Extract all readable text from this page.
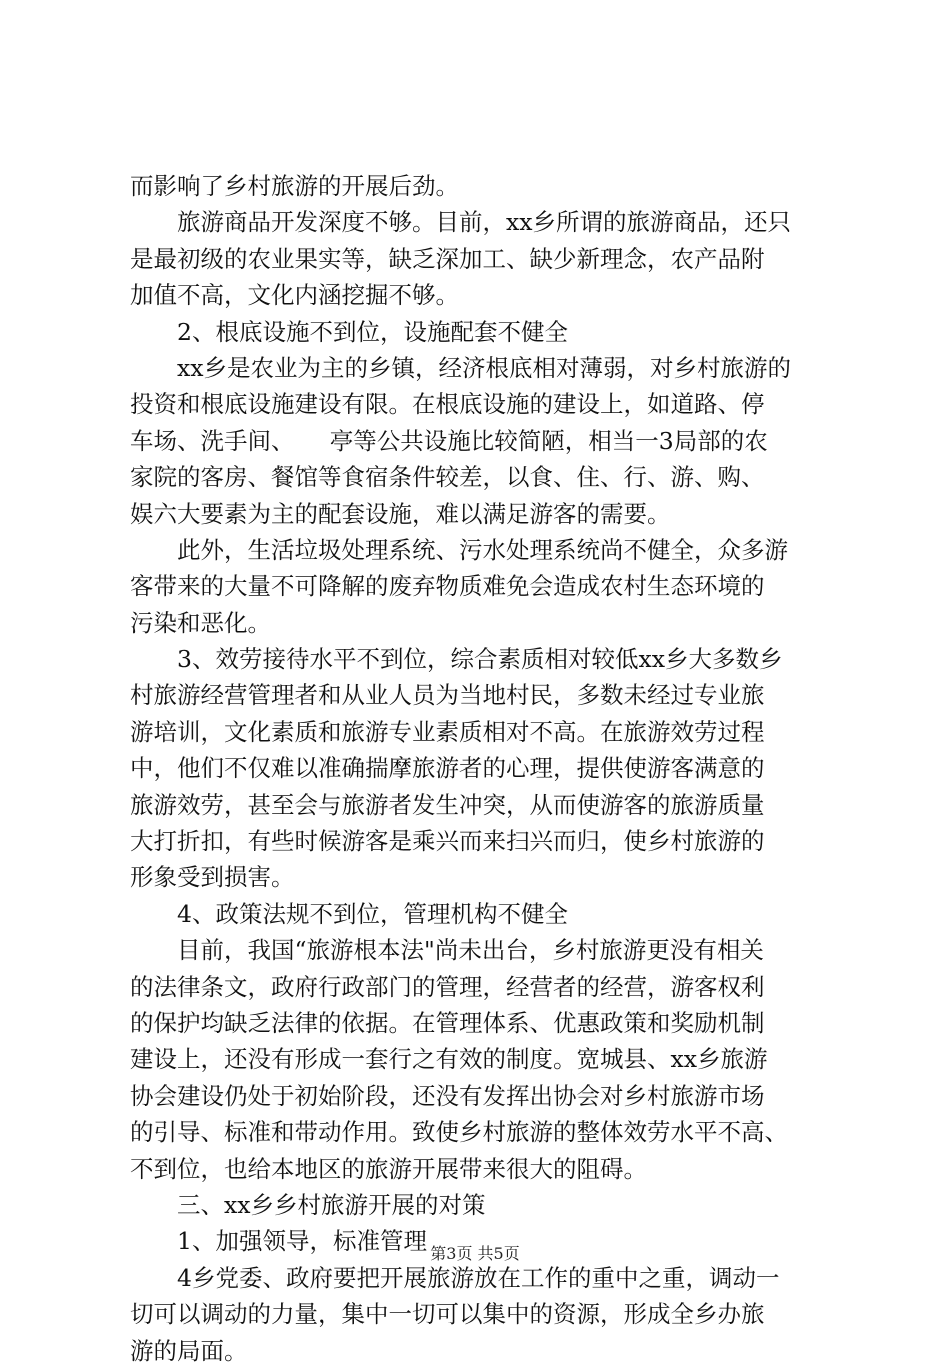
而影响了乡村旅游的开展后劲。
　　旅游商品开发深度不够。目前，xx乡所谓的旅游商品，还只
是最初级的农业果实等，缺乏深加工、缺少新理念，农产品附
加值不高，文化内涵挖掘不够。
　　2、根底设施不到位，设施配套不健全
　　xx乡是农业为主的乡镇，经济根底相对薄弱，对乡村旅游的
投资和根底设施建设有限。在根底设施的建设上，如道路、停
车场、洗手间、　　亭等公共设施比较简陋，相当一3局部的农
家院的客房、餐馆等食宿条件较差，以食、住、行、游、购、
娱六大要素为主的配套设施，难以满足游客的需要。
　　此外，生活垃圾处理系统、污水处理系统尚不健全，众多游
客带来的大量不可降解的废弃物质难免会造成农村生态环境的
污染和恶化。
　　3、效劳接待水平不到位，综合素质相对较低xx乡大多数乡
村旅游经营管理者和从业人员为当地村民，多数未经过专业旅
游培训，文化素质和旅游专业素质相对不高。在旅游效劳过程
中，他们不仅难以准确揣摩旅游者的心理，提供使游客满意的
旅游效劳，甚至会与旅游者发生冲突，从而使游客的旅游质量
大打折扣，有些时候游客是乘兴而来扫兴而归，使乡村旅游的
形象受到损害。
　　4、政策法规不到位，管理机构不健全
　　目前，我国“旅游根本法"尚未出台，乡村旅游更没有相关
的法律条文，政府行政部门的管理，经营者的经营，游客权利
的保护均缺乏法律的依据。在管理体系、优惠政策和奖励机制
建设上，还没有形成一套行之有效的制度。宽城县、xx乡旅游
协会建设仍处于初始阶段，还没有发挥出协会对乡村旅游市场
的引导、标准和带动作用。致使乡村旅游的整体效劳水平不高、
不到位，也给本地区的旅游开展带来很大的阻碍。
　　三、xx乡乡村旅游开展的对策
　　1、加强领导，标准管理
　　4乡党委、政府要把开展旅游放在工作的重中之重，调动一
切可以调动的力量，集中一切可以集中的资源，形成全乡办旅
游的局面。
第3页 共5页
